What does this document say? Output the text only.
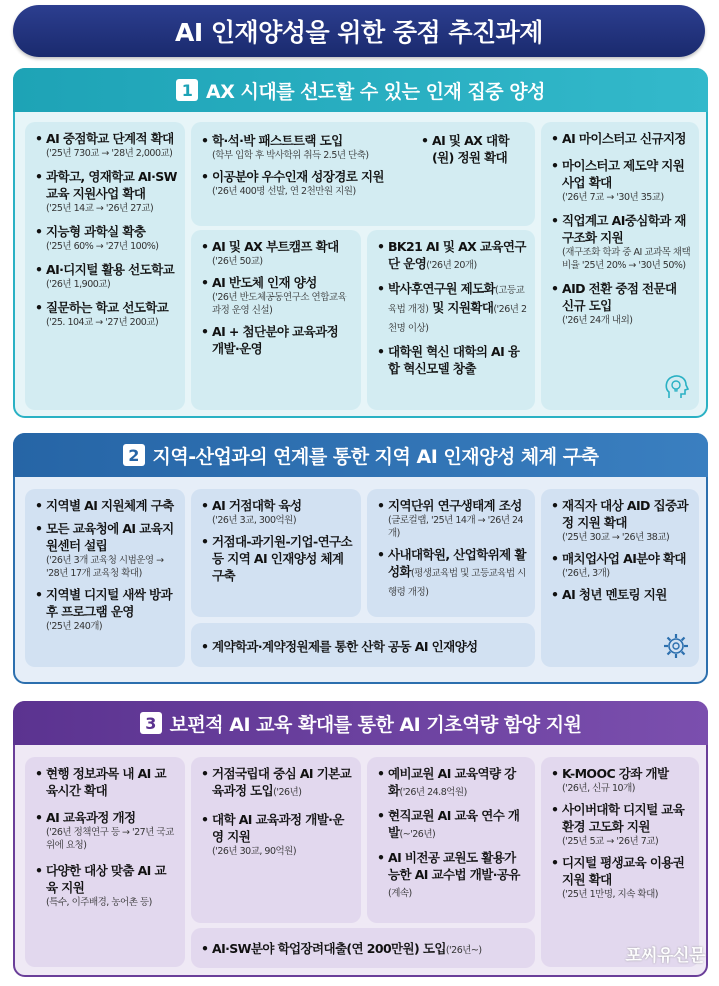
AI 인재양성을 위한 중점 추진과제
1 AX 시대를 선도할 수 있는 인재 집중 양성
• AI 중점학교 단계적 확대
('25년 730교 → '28년 2,000교)
• 과학고, 영재학교 AI·SW 교육 지원사업 확대
('25년 14교 → '26년 27교)
• 지능형 과학실 확충
('25년 60% → '27년 100%)
• AI·디지털 활용 선도학교
('26년 1,900교)
• 질문하는 학교 선도학교
('25. 104교 → '27년 200교)
• 학·석·박 패스트트랙 도입
(학부 입학 후 박사학위 취득 2.5년 단축)
• 이공분야 우수인재 성장경로 지원
('26년 400명 선발, 연 2천만원 지원)
• AI 및 AX 대학(원) 정원 확대
• AI 및 AX 부트캠프 확대
('26년 50교)
• AI 반도체 인재 양성
('26년 반도체공동연구소 연합교육과정 운영 신설)
• AI + 첨단분야 교육과정 개발·운영
• BK21 AI 및 AX 교육연구단 운영('26년 20개)
• 박사후연구원 제도화(고등교육법 개정) 및 지원확대('26년 2천명 이상)
• 대학원 혁신 대학의 AI 융합 혁신모델 창출
• AI 마이스터고 신규지정
• 마이스터고 제도약 지원사업 확대
('26년 7교 → '30년 35교)
• 직업계고 AI중심학과 재구조화 지원
(재구조화 학과 중 AI 교과목 채택 비율 '25년 20% → '30년 50%)
• AID 전환 중점 전문대 신규 도입
('26년 24개 내외)
2 지역-산업과의 연계를 통한 지역 AI 인재양성 체계 구축
• 지역별 AI 지원체계 구축
• 모든 교육청에 AI 교육지원센터 설립
('26년 3개 교육청 시범운영 → '28년 17개 교육청 확대)
• 지역별 디지털 새싹 방과후 프로그램 운영
('25년 240개)
• AI 거점대학 육성
('26년 3교, 300억원)
• 거점대-과기원-기업-연구소 등 지역 AI 인재양성 체계 구축
• 지역단위 연구생태계 조성
(글로컬랩, '25년 14개 → '26년 24개)
• 사내대학원, 산업학위제 활성화(평생교육법 및 고등교육법 시행령 개정)
• 계약학과·계약정원제를 통한 산학 공동 AI 인재양성
• 재직자 대상 AID 집중과정 지원 확대
('25년 30교 → '26년 38교)
• 매치업사업 AI분야 확대
('26년, 3개)
• AI 청년 멘토링 지원
3 보편적 AI 교육 확대를 통한 AI 기초역량 함양 지원
• 현행 정보과목 내 AI 교육시간 확대
• AI 교육과정 개정
('26년 정책연구 등 → '27년 국교위에 요청)
• 다양한 대상 맞춤 AI 교육 지원
(특수, 이주배경, 농어촌 등)
• 거점국립대 중심 AI 기본교육과정 도입('26년)
• 대학 AI 교육과정 개발·운영 지원
('26년 30교, 90억원)
• 예비교원 AI 교육역량 강화('26년 24.8억원)
• 현직교원 AI 교육 연수 개발(~'26년)
• AI 비전공 교원도 활용가능한 AI 교수법 개발·공유(계속)
• AI·SW분야 학업장려대출(연 200만원) 도입('26년~)
• K-MOOC 강좌 개발
('26년, 신규 10개)
• 사이버대학 디지털 교육환경 고도화 지원
('25년 5교 → '26년 7교)
• 디지털 평생교육 이용권 지원 확대
('25년 1만명, 지속 확대)
포씨유신문
